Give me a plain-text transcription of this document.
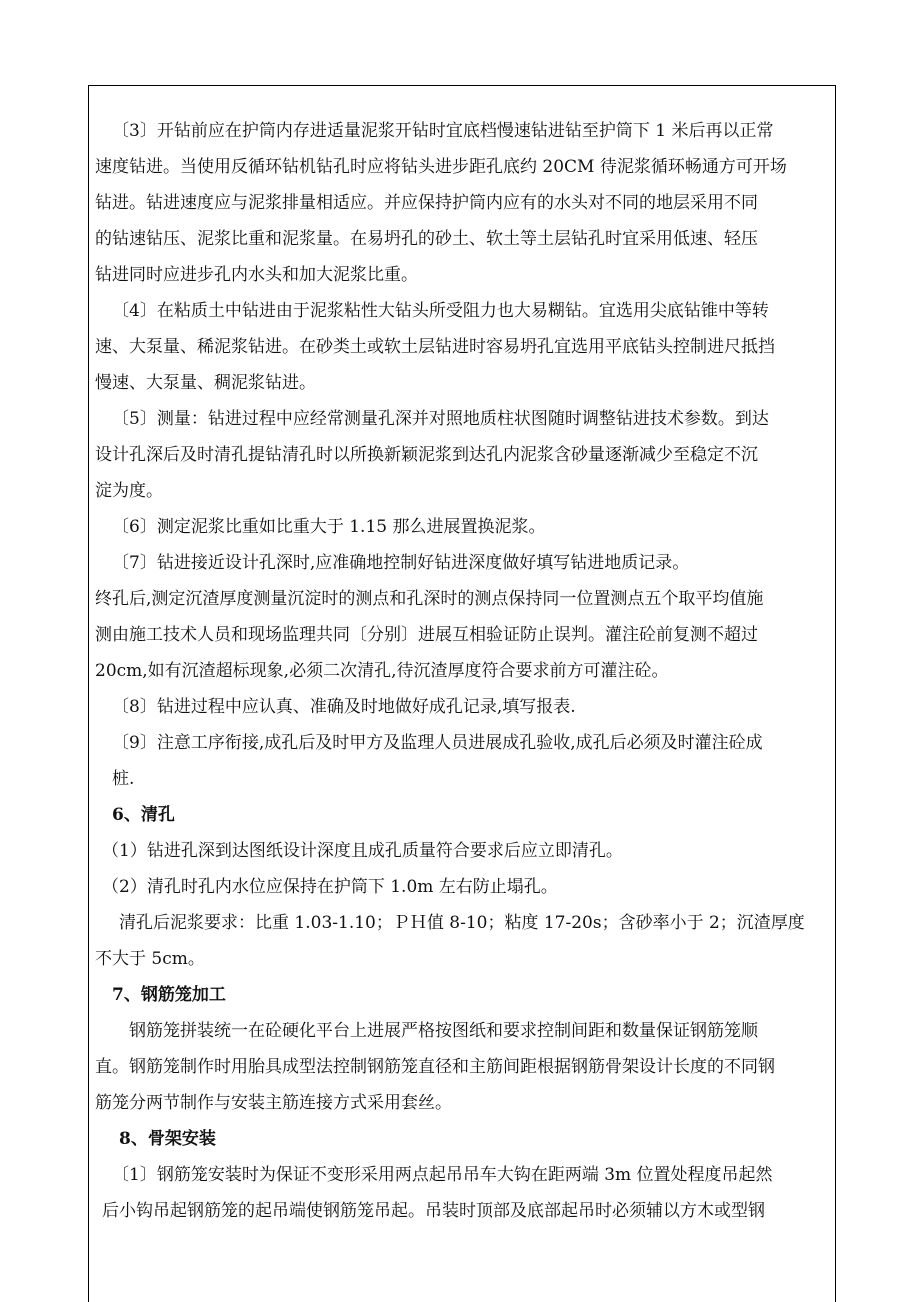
〔3〕开钻前应在护筒内存进适量泥浆开钻时宜底档慢速钻进钻至护筒下 1 米后再以正常
速度钻进。当使用反循环钻机钻孔时应将钻头进步距孔底约 20CM 待泥浆循环畅通方可开场
钻进。钻进速度应与泥浆排量相适应。并应保持护筒内应有的水头对不同的地层采用不同
的钻速钻压、泥浆比重和泥浆量。在易坍孔的砂土、软土等土层钻孔时宜采用低速、轻压
钻进同时应进步孔内水头和加大泥浆比重。
〔4〕在粘质土中钻进由于泥浆粘性大钻头所受阻力也大易糊钻。宜选用尖底钻锥中等转
速、大泵量、稀泥浆钻进。在砂类土或软土层钻进时容易坍孔宜选用平底钻头控制进尺抵挡
慢速、大泵量、稠泥浆钻进。
〔5〕测量：钻进过程中应经常测量孔深并对照地质柱状图随时调整钻进技术参数。到达
设计孔深后及时清孔提钻清孔时以所换新颖泥浆到达孔内泥浆含砂量逐渐减少至稳定不沉
淀为度。
〔6〕测定泥浆比重如比重大于 1.15 那么进展置换泥浆。
〔7〕钻进接近设计孔深时,应准确地控制好钻进深度做好填写钻进地质记录。
终孔后,测定沉渣厚度测量沉淀时的测点和孔深时的测点保持同一位置测点五个取平均值施
测由施工技术人员和现场监理共同〔分别〕进展互相验证防止误判。灌注砼前复测不超过
20cm,如有沉渣超标现象,必须二次清孔,待沉渣厚度符合要求前方可灌注砼。
〔8〕钻进过程中应认真、准确及时地做好成孔记录,填写报表.
〔9〕注意工序衔接,成孔后及时甲方及监理人员进展成孔验收,成孔后必须及时灌注砼成
桩.
6、清孔
（1）钻进孔深到达图纸设计深度且成孔质量符合要求后应立即清孔。
（2）清孔时孔内水位应保持在护筒下 1.0m 左右防止塌孔。
清孔后泥浆要求：比重 1.03-1.10；ＰＨ值 8-10；粘度 17-20s；含砂率小于 2；沉渣厚度
不大于 5cm。
7、钢筋笼加工
钢筋笼拼装统一在砼硬化平台上进展严格按图纸和要求控制间距和数量保证钢筋笼顺
直。钢筋笼制作时用胎具成型法控制钢筋笼直径和主筋间距根据钢筋骨架设计长度的不同钢
筋笼分两节制作与安装主筋连接方式采用套丝。
8、骨架安装
〔1〕钢筋笼安装时为保证不变形采用两点起吊吊车大钩在距两端 3m 位置处程度吊起然
后小钩吊起钢筋笼的起吊端使钢筋笼吊起。吊装时顶部及底部起吊时必须辅以方木或型钢
